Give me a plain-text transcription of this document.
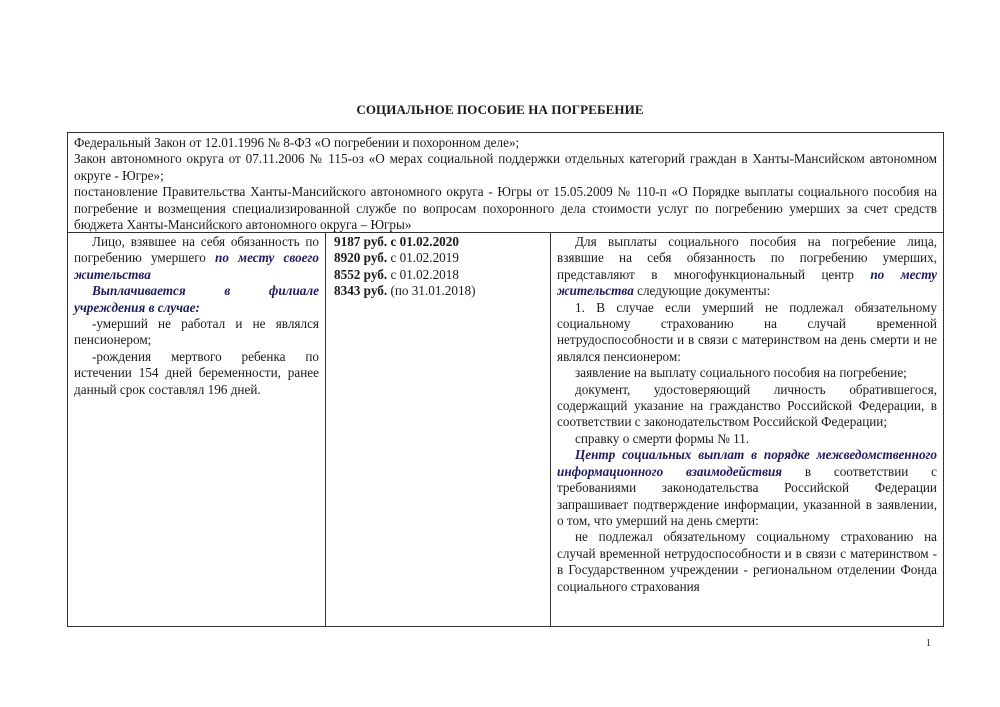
СОЦИАЛЬНОЕ ПОСОБИЕ НА ПОГРЕБЕНИЕ

Федеральный Закон от 12.01.1996 № 8-ФЗ «О погребении и похоронном деле»;

Закон автономного округа от 07.11.2006 № 115-оз «О мерах социальной поддержки отдельных категорий граждан в Ханты-Мансийском автономном округе - Югре»;

постановление Правительства Ханты-Мансийского автономного округа - Югры от 15.05.2009 № 110-п «О Порядке выплаты социального пособия на погребение и возмещения специализированной службе по вопросам похоронного дела стоимости услуг по погребению умерших за счет средств бюджета Ханты-Мансийского автономного округа – Югры»

Лицо, взявшее на себя обязанность по погребению умершего по месту своего жительства

Выплачивается в филиале учреждения в случае:

-умерший не работал и не являлся пенсионером;

-рождения мертвого ребенка по истечении 154 дней беременности, ранее данный срок составлял 196 дней.

9187 руб. с 01.02.2020

8920 руб. с 01.02.2019

8552 руб. с 01.02.2018

8343 руб. (по 31.01.2018)

Для выплаты социального пособия на погребение лица, взявшие на себя обязанность по погребению умерших, представляют в многофункциональный центр по месту жительства следующие документы:

1. В случае если умерший не подлежал обязательному социальному страхованию на случай временной нетрудоспособности и в связи с материнством на день смерти и не являлся пенсионером:

заявление на выплату социального пособия на погребение;

документ, удостоверяющий личность обратившегося, содержащий указание на гражданство Российской Федерации, в соответствии с законодательством Российской Федерации;

справку о смерти формы № 11.

Центр социальных выплат в порядке межведомственного информационного взаимодействия в соответствии с требованиями законодательства Российской Федерации запрашивает подтверждение информации, указанной в заявлении, о том, что умерший на день смерти:

не подлежал обязательному социальному страхованию на случай временной нетрудоспособности и в связи с материнством - в Государственном учреждении - региональном отделении Фонда социального страхования

1
